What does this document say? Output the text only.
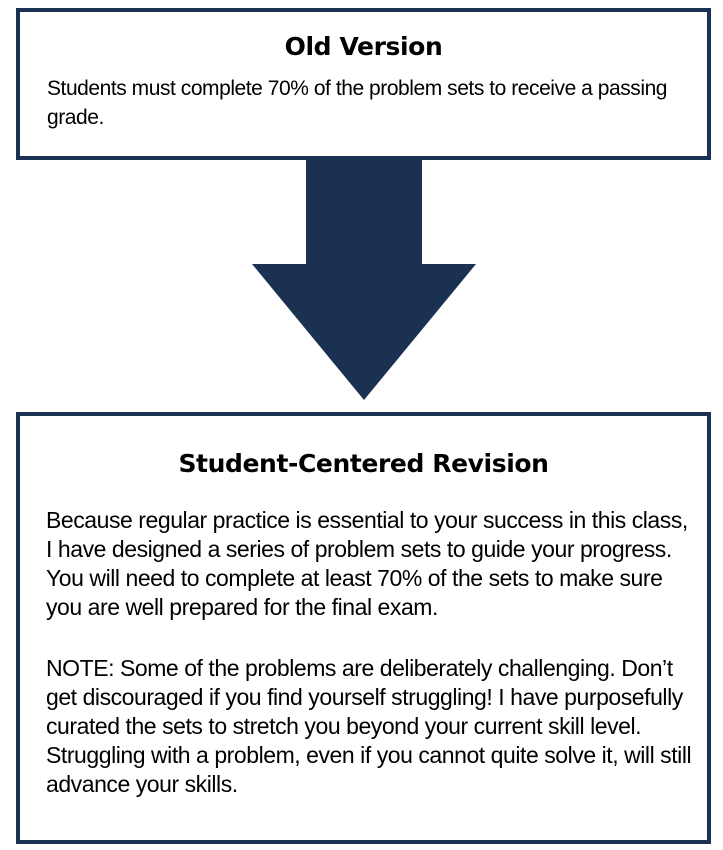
Old Version
Students must complete 70% of the problem sets to receive a passing grade.
Student-Centered Revision
Because regular practice is essential to your success in this class, I have designed a series of problem sets to guide your progress. You will need to complete at least 70% of the sets to make sure you are well prepared for the final exam.
NOTE: Some of the problems are deliberately challenging. Don’t get discouraged if you find yourself struggling! I have purposefully curated the sets to stretch you beyond your current skill level. Struggling with a problem, even if you cannot quite solve it, will still advance your skills.
